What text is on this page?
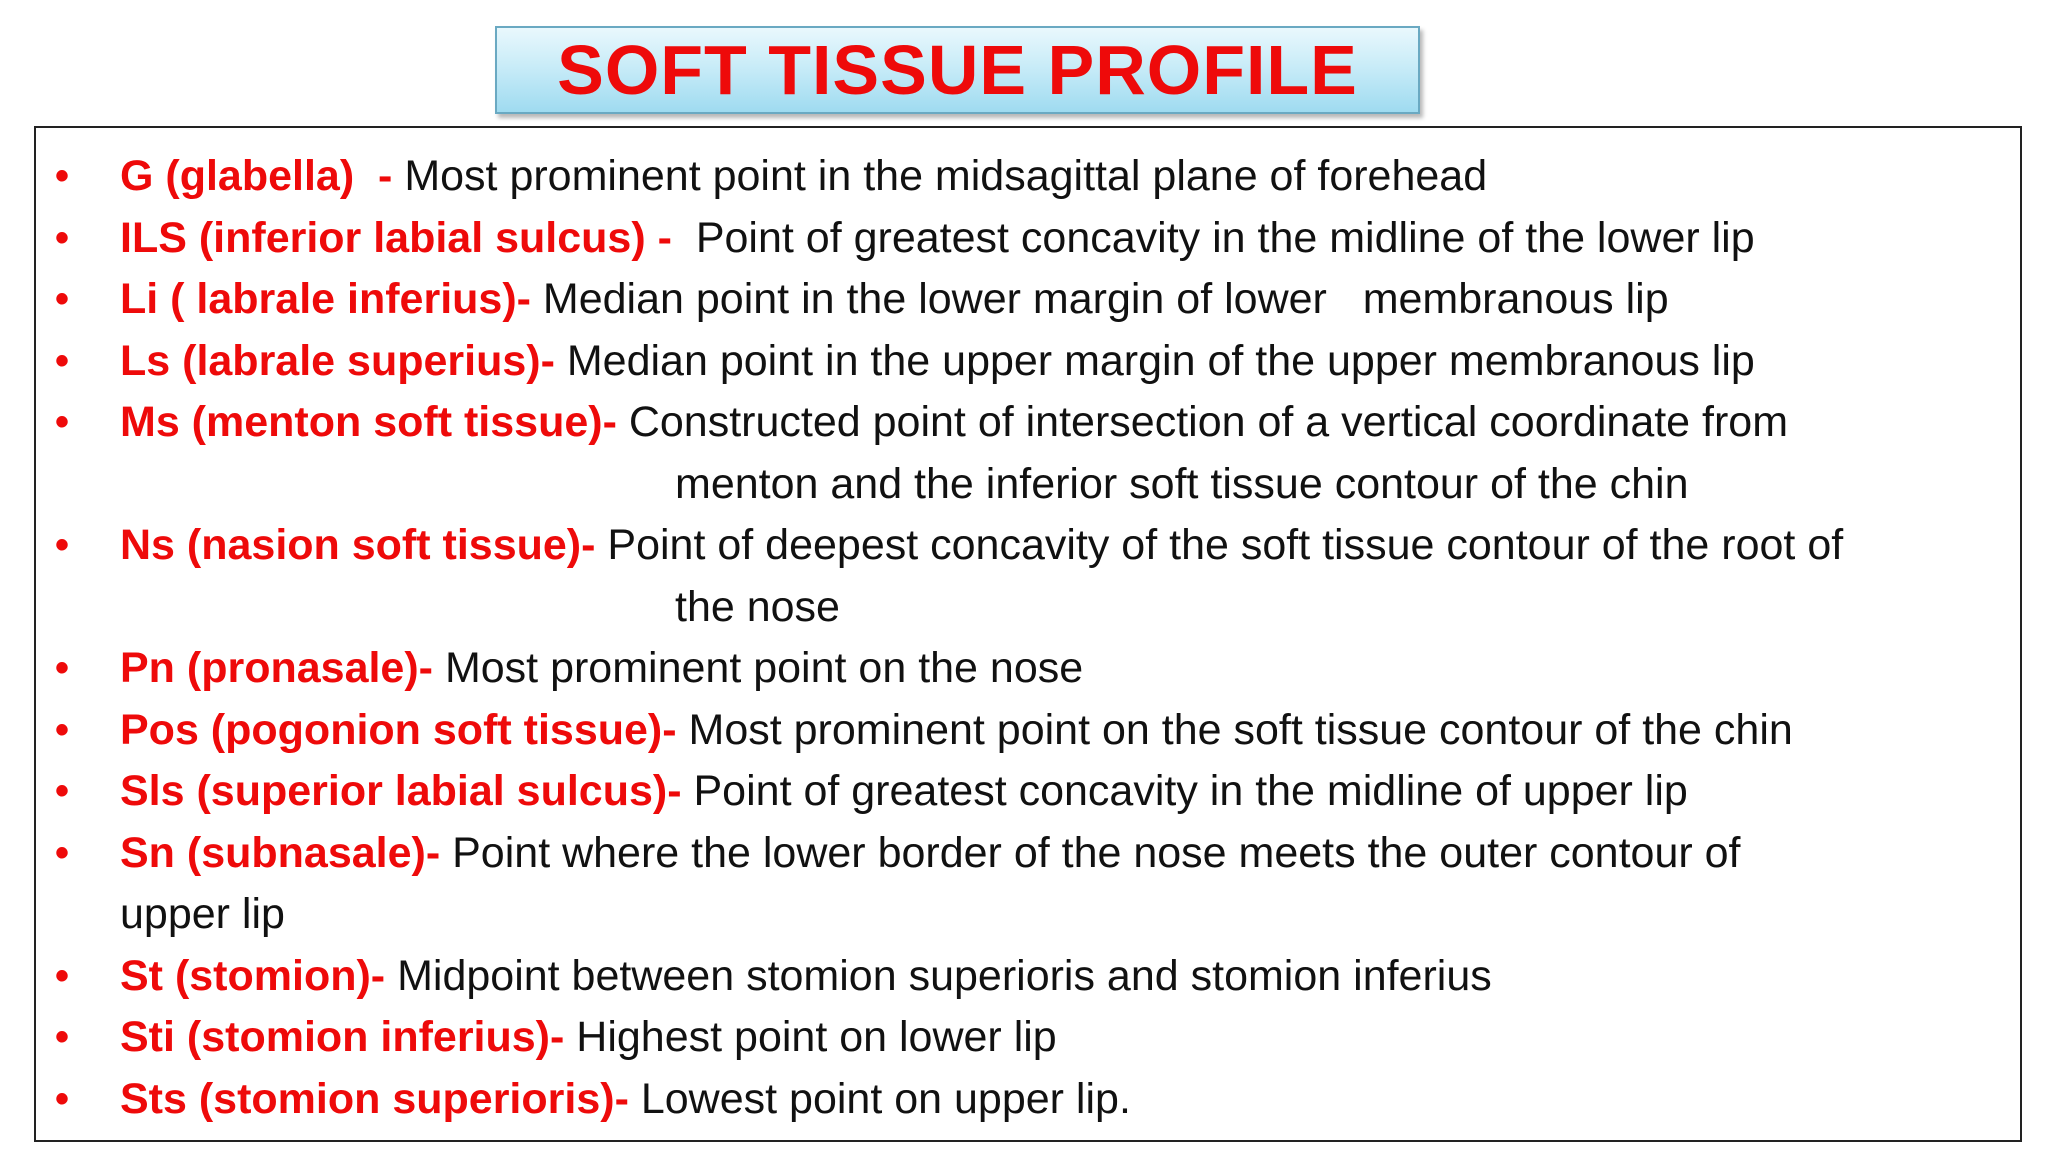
SOFT TISSUE PROFILE
• G (glabella)  - Most prominent point in the midsagittal plane of forehead
• ILS (inferior labial sulcus) -  Point of greatest concavity in the midline of the lower lip
• Li ( labrale inferius)- Median point in the lower margin of lower   membranous lip
• Ls (labrale superius)- Median point in the upper margin of the upper membranous lip
• Ms (menton soft tissue)- Constructed point of intersection of a vertical coordinate from
menton and the inferior soft tissue contour of the chin
• Ns (nasion soft tissue)- Point of deepest concavity of the soft tissue contour of the root of
the nose
• Pn (pronasale)- Most prominent point on the nose
• Pos (pogonion soft tissue)- Most prominent point on the soft tissue contour of the chin
• Sls (superior labial sulcus)- Point of greatest concavity in the midline of upper lip
• Sn (subnasale)- Point where the lower border of the nose meets the outer contour of
upper lip
• St (stomion)- Midpoint between stomion superioris and stomion inferius
• Sti (stomion inferius)- Highest point on lower lip
• Sts (stomion superioris)- Lowest point on upper lip.
